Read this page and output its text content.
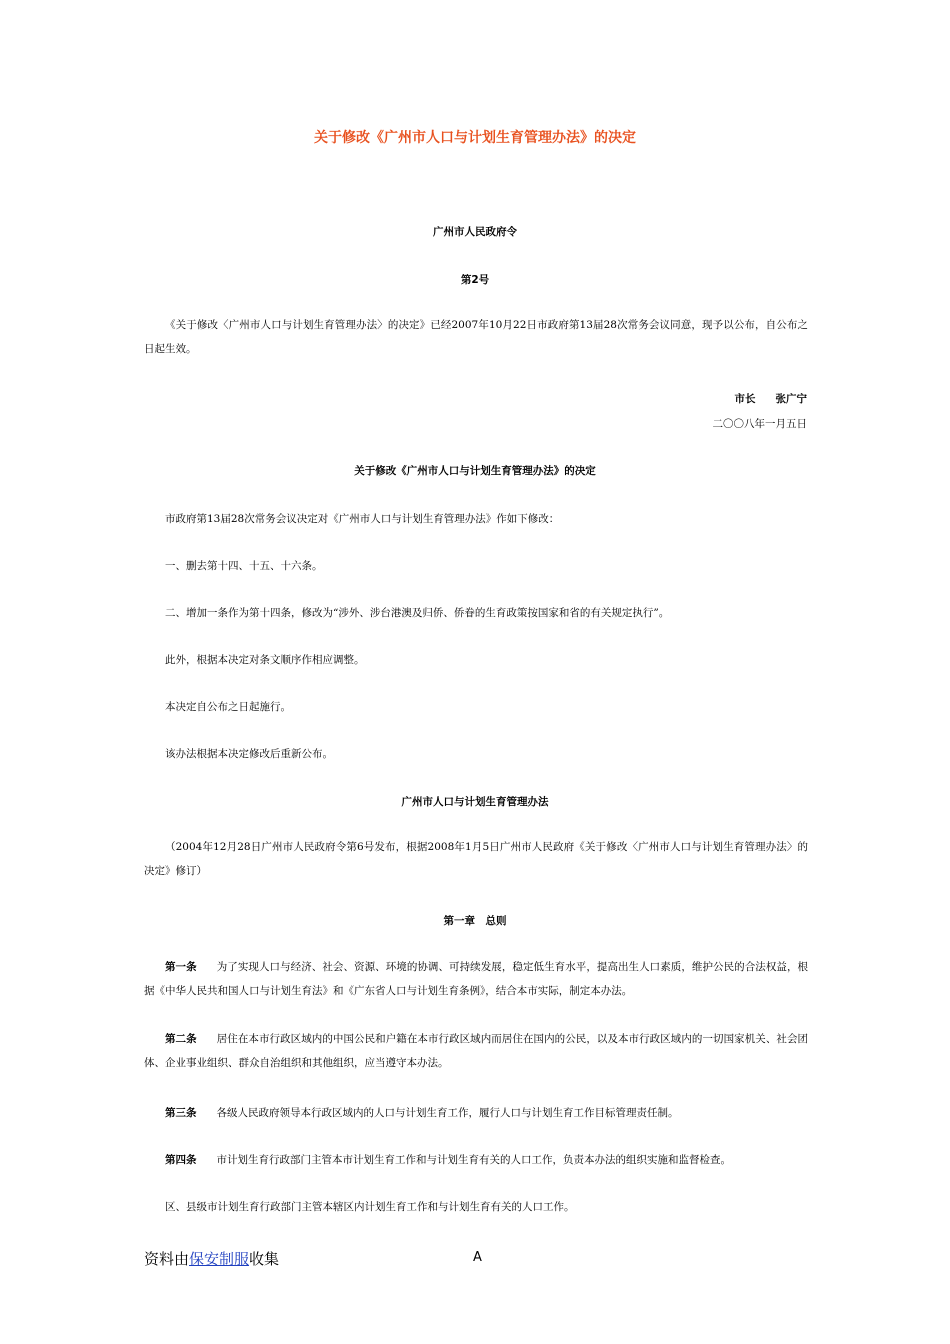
关于修改《广州市人口与计划生育管理办法》的决定
广州市人民政府令
第2号
《关于修改〈广州市人口与计划生育管理办法〉的决定》已经2007年10月22日市政府第13届28次常务会议同意，现予以公布，自公布之日起生效。
市长 张广宁
二〇〇八年一月五日
关于修改《广州市人口与计划生育管理办法》的决定
市政府第13届28次常务会议决定对《广州市人口与计划生育管理办法》作如下修改：
一、删去第十四、十五、十六条。
二、增加一条作为第十四条，修改为“涉外、涉台港澳及归侨、侨眷的生育政策按国家和省的有关规定执行”。
此外，根据本决定对条文顺序作相应调整。
本决定自公布之日起施行。
该办法根据本决定修改后重新公布。
广州市人口与计划生育管理办法
（2004年12月28日广州市人民政府令第6号发布，根据2008年1月5日广州市人民政府《关于修改〈广州市人口与计划生育管理办法〉的决定》修订）
第一章　总则
第一条 为了实现人口与经济、社会、资源、环境的协调、可持续发展，稳定低生育水平，提高出生人口素质，维护公民的合法权益，根据《中华人民共和国人口与计划生育法》和《广东省人口与计划生育条例》，结合本市实际，制定本办法。
第二条 居住在本市行政区域内的中国公民和户籍在本市行政区域内而居住在国内的公民，以及本市行政区域内的一切国家机关、社会团体、企业事业组织、群众自治组织和其他组织，应当遵守本办法。
第三条 各级人民政府领导本行政区域内的人口与计划生育工作，履行人口与计划生育工作目标管理责任制。
第四条 市计划生育行政部门主管本市计划生育工作和与计划生育有关的人口工作，负责本办法的组织实施和监督检查。
区、县级市计划生育行政部门主管本辖区内计划生育工作和与计划生育有关的人口工作。
资料由保安制服收集	A
